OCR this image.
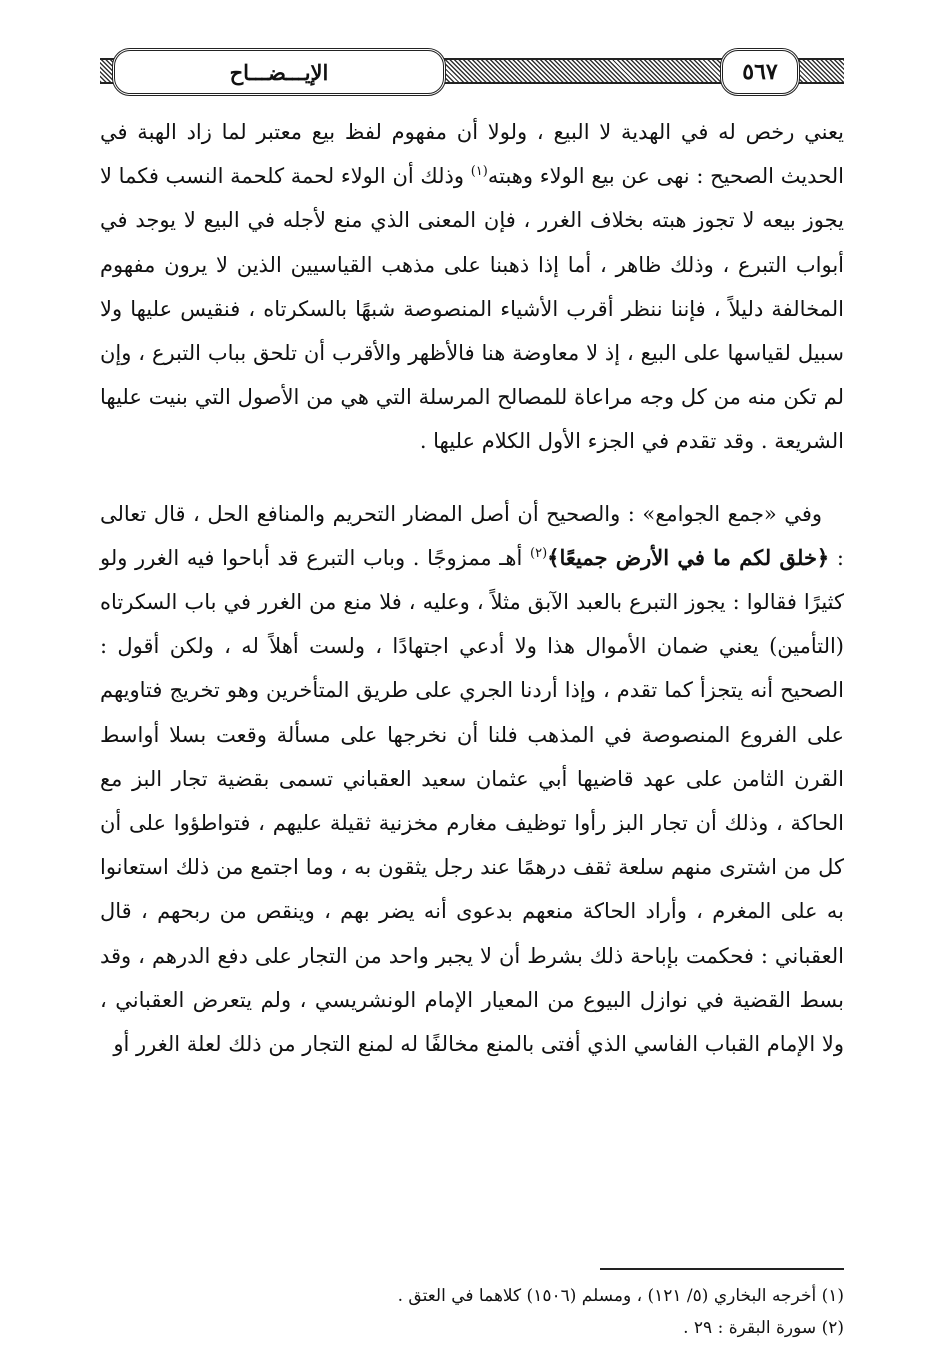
الإيـــضـــاح	٥٦٧

يعني رخص له في الهدية لا البيع ، ولولا أن مفهوم لفظ بيع معتبر لما زاد الهبة في الحديث الصحيح : نهى عن بيع الولاء وهبته$^{(١)}$ وذلك أن الولاء لحمة كلحمة النسب فكما لا يجوز بيعه لا تجوز هبته بخلاف الغرر ، فإن المعنى الذي منع لأجله في البيع لا يوجد في أبواب التبرع ، وذلك ظاهر ، أما إذا ذهبنا على مذهب القياسيين الذين لا يرون مفهوم المخالفة دليلاً ، فإننا ننظر أقرب الأشياء المنصوصة شبهًا بالسكرتاه ، فنقيس عليها ولا سبيل لقياسها على البيع ، إذ لا معاوضة هنا فالأظهر والأقرب أن تلحق بباب التبرع ، وإن لم تكن منه من كل وجه مراعاة للمصالح المرسلة التي هي من الأصول التي بنيت عليها الشريعة . وقد تقدم في الجزء الأول الكلام عليها .

وفي «جمع الجوامع» : والصحيح أن أصل المضار التحريم والمنافع الحل ، قال تعالى : ﴿خلق لكم ما في الأرض جميعًا﴾$^{(٢)}$ أهـ ممزوجًا . وباب التبرع قد أباحوا فيه الغرر ولو كثيرًا فقالوا : يجوز التبرع بالعبد الآبق مثلاً ، وعليه ، فلا منع من الغرر في باب السكرتاه (التأمين) يعني ضمان الأموال هذا ولا أدعي اجتهادًا ، ولست أهلاً له ، ولكن أقول : الصحيح أنه يتجزأ كما تقدم ، وإذا أردنا الجري على طريق المتأخرين وهو تخريج فتاويهم على الفروع المنصوصة في المذهب فلنا أن نخرجها على مسألة وقعت بسلا أواسط القرن الثامن على عهد قاضيها أبي عثمان سعيد العقباني تسمى بقضية تجار البز مع الحاكة ، وذلك أن تجار البز رأوا توظيف مغارم مخزنية ثقيلة عليهم ، فتواطؤوا على أن كل من اشترى منهم سلعة ثقف درهمًا عند رجل يثقون به ، وما اجتمع من ذلك استعانوا به على المغرم ، وأراد الحاكة منعهم بدعوى أنه يضر بهم ، وينقص من ربحهم ، قال العقباني : فحكمت بإباحة ذلك بشرط أن لا يجبر واحد من التجار على دفع الدرهم ، وقد بسط القضية في نوازل البيوع من المعيار الإمام الونشريسي ، ولم يتعرض العقباني ، ولا الإمام القباب الفاسي الذي أفتى بالمنع مخالفًا له لمنع التجار من ذلك لعلة الغرر أو

(١) أخرجه البخاري (٥/ ١٢١) ، ومسلم (١٥٠٦) كلاهما في العتق .
(٢) سورة البقرة : ٢٩ .
